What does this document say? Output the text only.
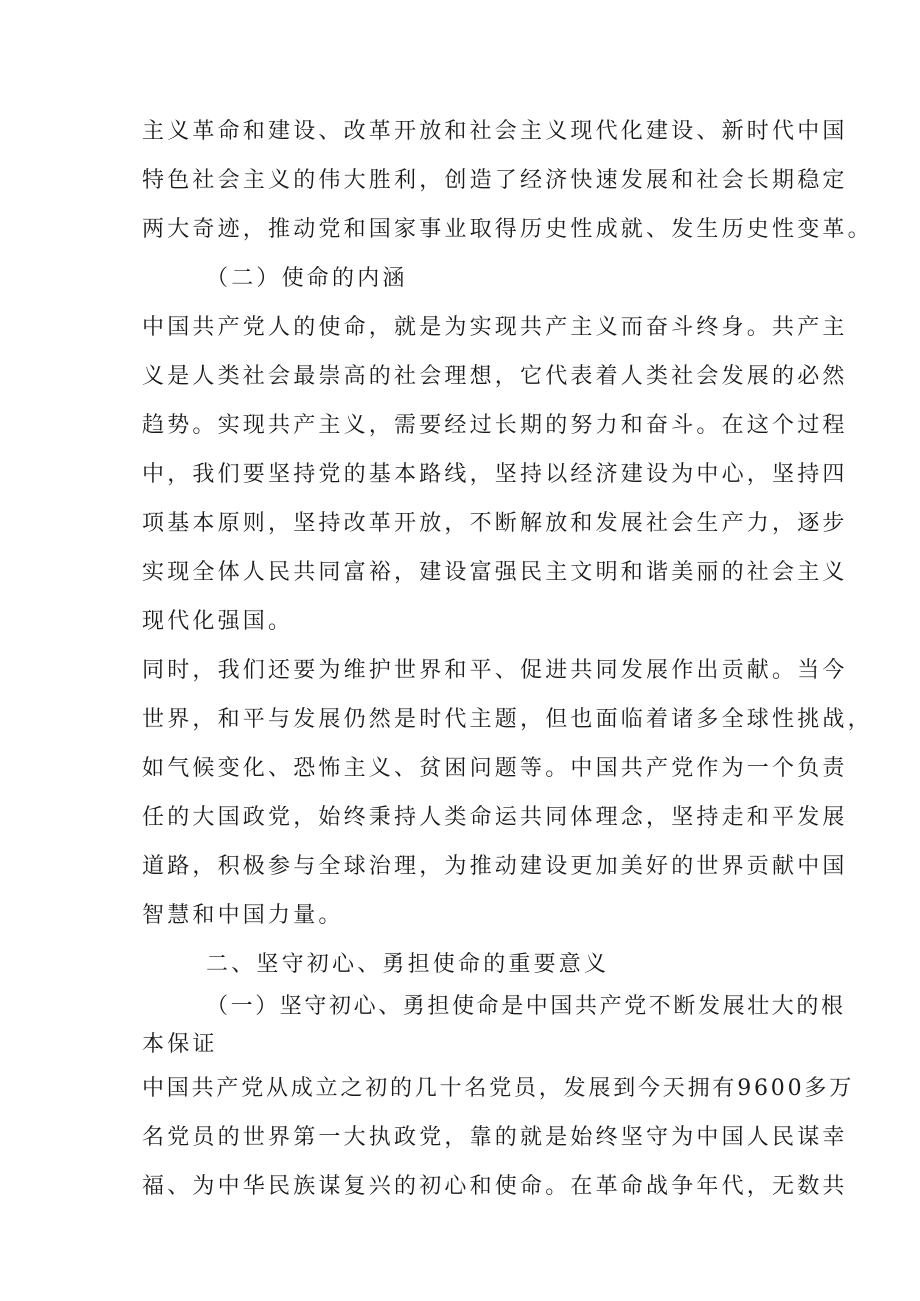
主义革命和建设、改革开放和社会主义现代化建设、新时代中国
特色社会主义的伟大胜利，创造了经济快速发展和社会长期稳定
两大奇迹，推动党和国家事业取得历史性成就、发生历史性变革。
（二）使命的内涵
中国共产党人的使命，就是为实现共产主义而奋斗终身。共产主
义是人类社会最崇高的社会理想，它代表着人类社会发展的必然
趋势。实现共产主义，需要经过长期的努力和奋斗。在这个过程
中，我们要坚持党的基本路线，坚持以经济建设为中心，坚持四
项基本原则，坚持改革开放，不断解放和发展社会生产力，逐步
实现全体人民共同富裕，建设富强民主文明和谐美丽的社会主义
现代化强国。
同时，我们还要为维护世界和平、促进共同发展作出贡献。当今
世界，和平与发展仍然是时代主题，但也面临着诸多全球性挑战，
如气候变化、恐怖主义、贫困问题等。中国共产党作为一个负责
任的大国政党，始终秉持人类命运共同体理念，坚持走和平发展
道路，积极参与全球治理，为推动建设更加美好的世界贡献中国
智慧和中国力量。
二、坚守初心、勇担使命的重要意义
（一）坚守初心、勇担使命是中国共产党不断发展壮大的根
本保证
中国共产党从成立之初的几十名党员，发展到今天拥有9600多万
名党员的世界第一大执政党，靠的就是始终坚守为中国人民谋幸
福、为中华民族谋复兴的初心和使命。在革命战争年代，无数共
